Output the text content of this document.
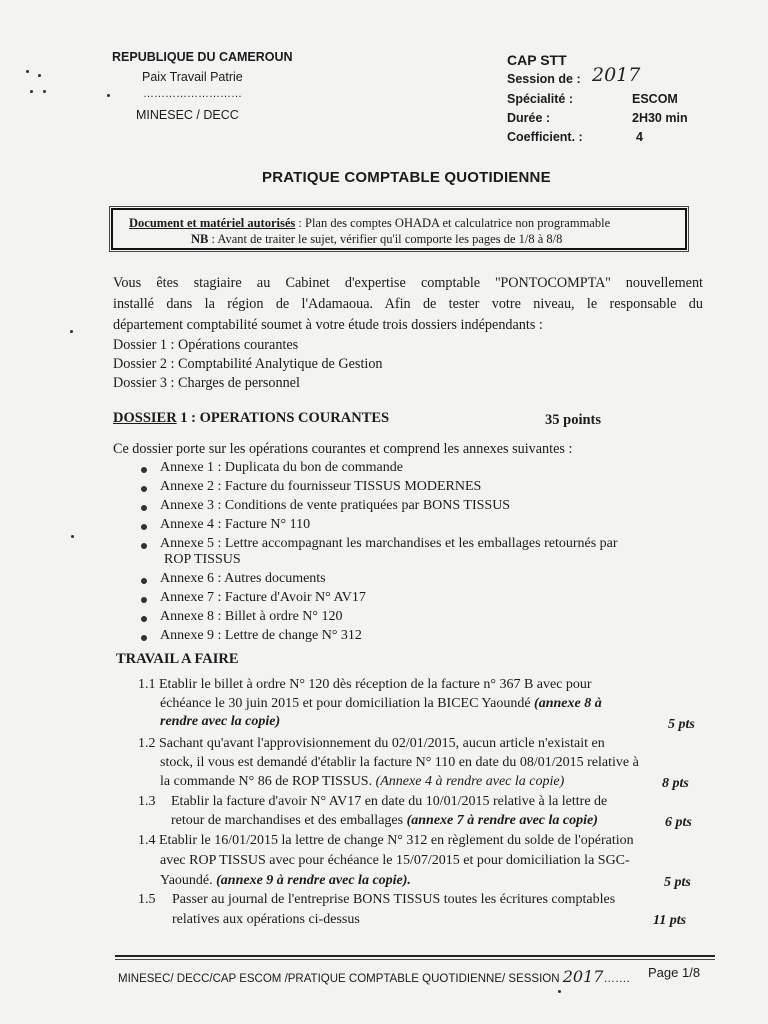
REPUBLIQUE DU CAMEROUN
Paix Travail Patrie
………………………
MINESEC / DECC
CAP STT
Session de : 2017
Spécialité :	ESCOM
Durée :	2H30 min
Coefficient. :	4
PRATIQUE COMPTABLE QUOTIDIENNE
Document et matériel autorisés : Plan des comptes OHADA et calculatrice non programmable
NB : Avant de traiter le sujet, vérifier qu'il comporte les pages de 1/8 à 8/8
Vous êtes stagiaire au Cabinet d'expertise comptable ''PONTOCOMPTA'' nouvellement
installé dans la région de l'Adamaoua. Afin de tester votre niveau, le responsable du
département comptabilité soumet à votre étude trois dossiers indépendants :
Dossier 1 : Opérations courantes
Dossier 2 : Comptabilité Analytique de Gestion
Dossier 3 : Charges de personnel
DOSSIER 1 : OPERATIONS COURANTES	35 points
Ce dossier porte sur les opérations courantes et comprend les annexes suivantes :
Annexe 1 : Duplicata du bon de commande
Annexe 2 : Facture du fournisseur TISSUS MODERNES
Annexe 3 : Conditions de vente pratiquées par BONS TISSUS
Annexe 4 : Facture N° 110
Annexe 5 : Lettre accompagnant les marchandises et les emballages retournés par
ROP TISSUS
Annexe 6 : Autres documents
Annexe 7 : Facture d'Avoir N° AV17
Annexe 8 : Billet à ordre N° 120
Annexe 9 : Lettre de change N° 312
TRAVAIL A FAIRE
1.1 Etablir le billet à ordre N° 120 dès réception de la facture n° 367 B avec pour
échéance le 30 juin 2015 et pour domiciliation la BICEC Yaoundé (annexe 8 à
rendre avec la copie)	5 pts
1.2 Sachant qu'avant l'approvisionnement du 02/01/2015, aucun article n'existait en
stock, il vous est demandé d'établir la facture N° 110 en date du 08/01/2015 relative à
la commande N° 86 de ROP TISSUS. (Annexe 4 à rendre avec la copie)	8 pts
1.3 Etablir la facture d'avoir N° AV17 en date du 10/01/2015 relative à la lettre de
retour de marchandises et des emballages (annexe 7 à rendre avec la copie)	6 pts
1.4 Etablir le 16/01/2015 la lettre de change N° 312 en règlement du solde de l'opération
avec ROP TISSUS avec pour échéance le 15/07/2015 et pour domiciliation la SGC-
Yaoundé. (annexe 9 à rendre avec la copie).	5 pts
1.5 Passer au journal de l'entreprise BONS TISSUS toutes les écritures comptables
relatives aux opérations ci-dessus	11 pts
MINESEC/ DECC/CAP ESCOM /PRATIQUE COMPTABLE QUOTIDIENNE/ SESSION 2017……. Page 1/8
